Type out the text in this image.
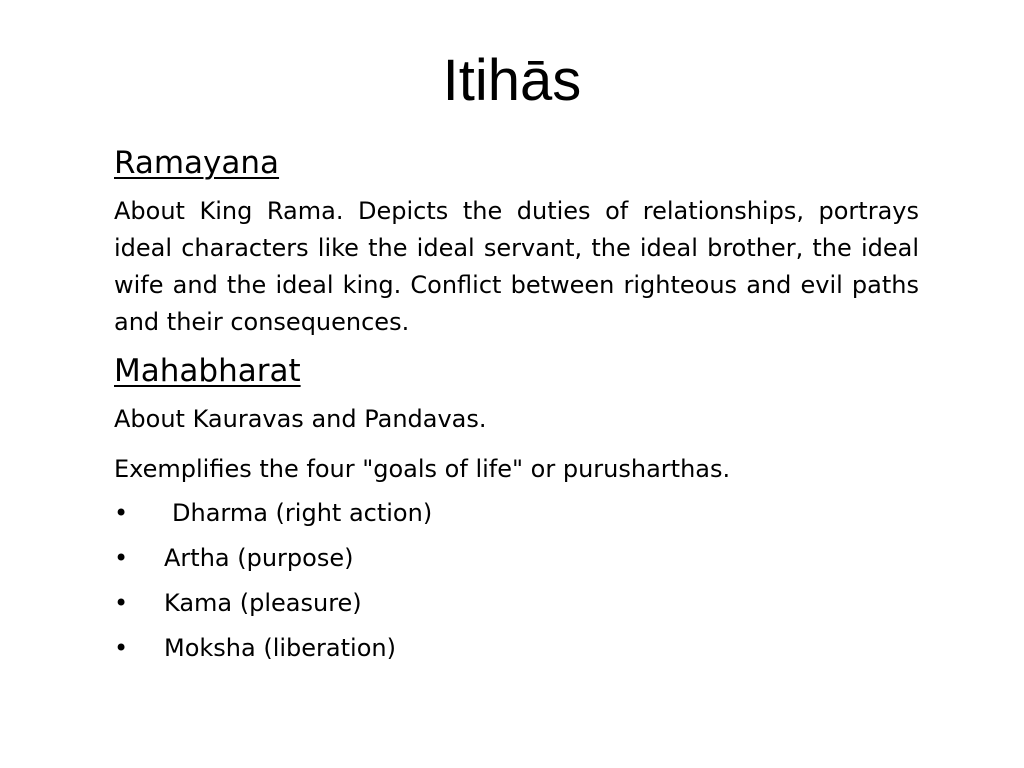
Itihās
Ramayana

About King Rama. Depicts the duties of relationships, portrays ideal characters like the ideal servant, the ideal brother, the ideal wife and the ideal king. Conflict between righteous and evil paths and their consequences.

Mahabharat

About Kauravas and Pandavas.

Exemplifies the four "goals of life" or purusharthas.

• Dharma (right action)
• Artha (purpose)
• Kama (pleasure)
• Moksha (liberation)
